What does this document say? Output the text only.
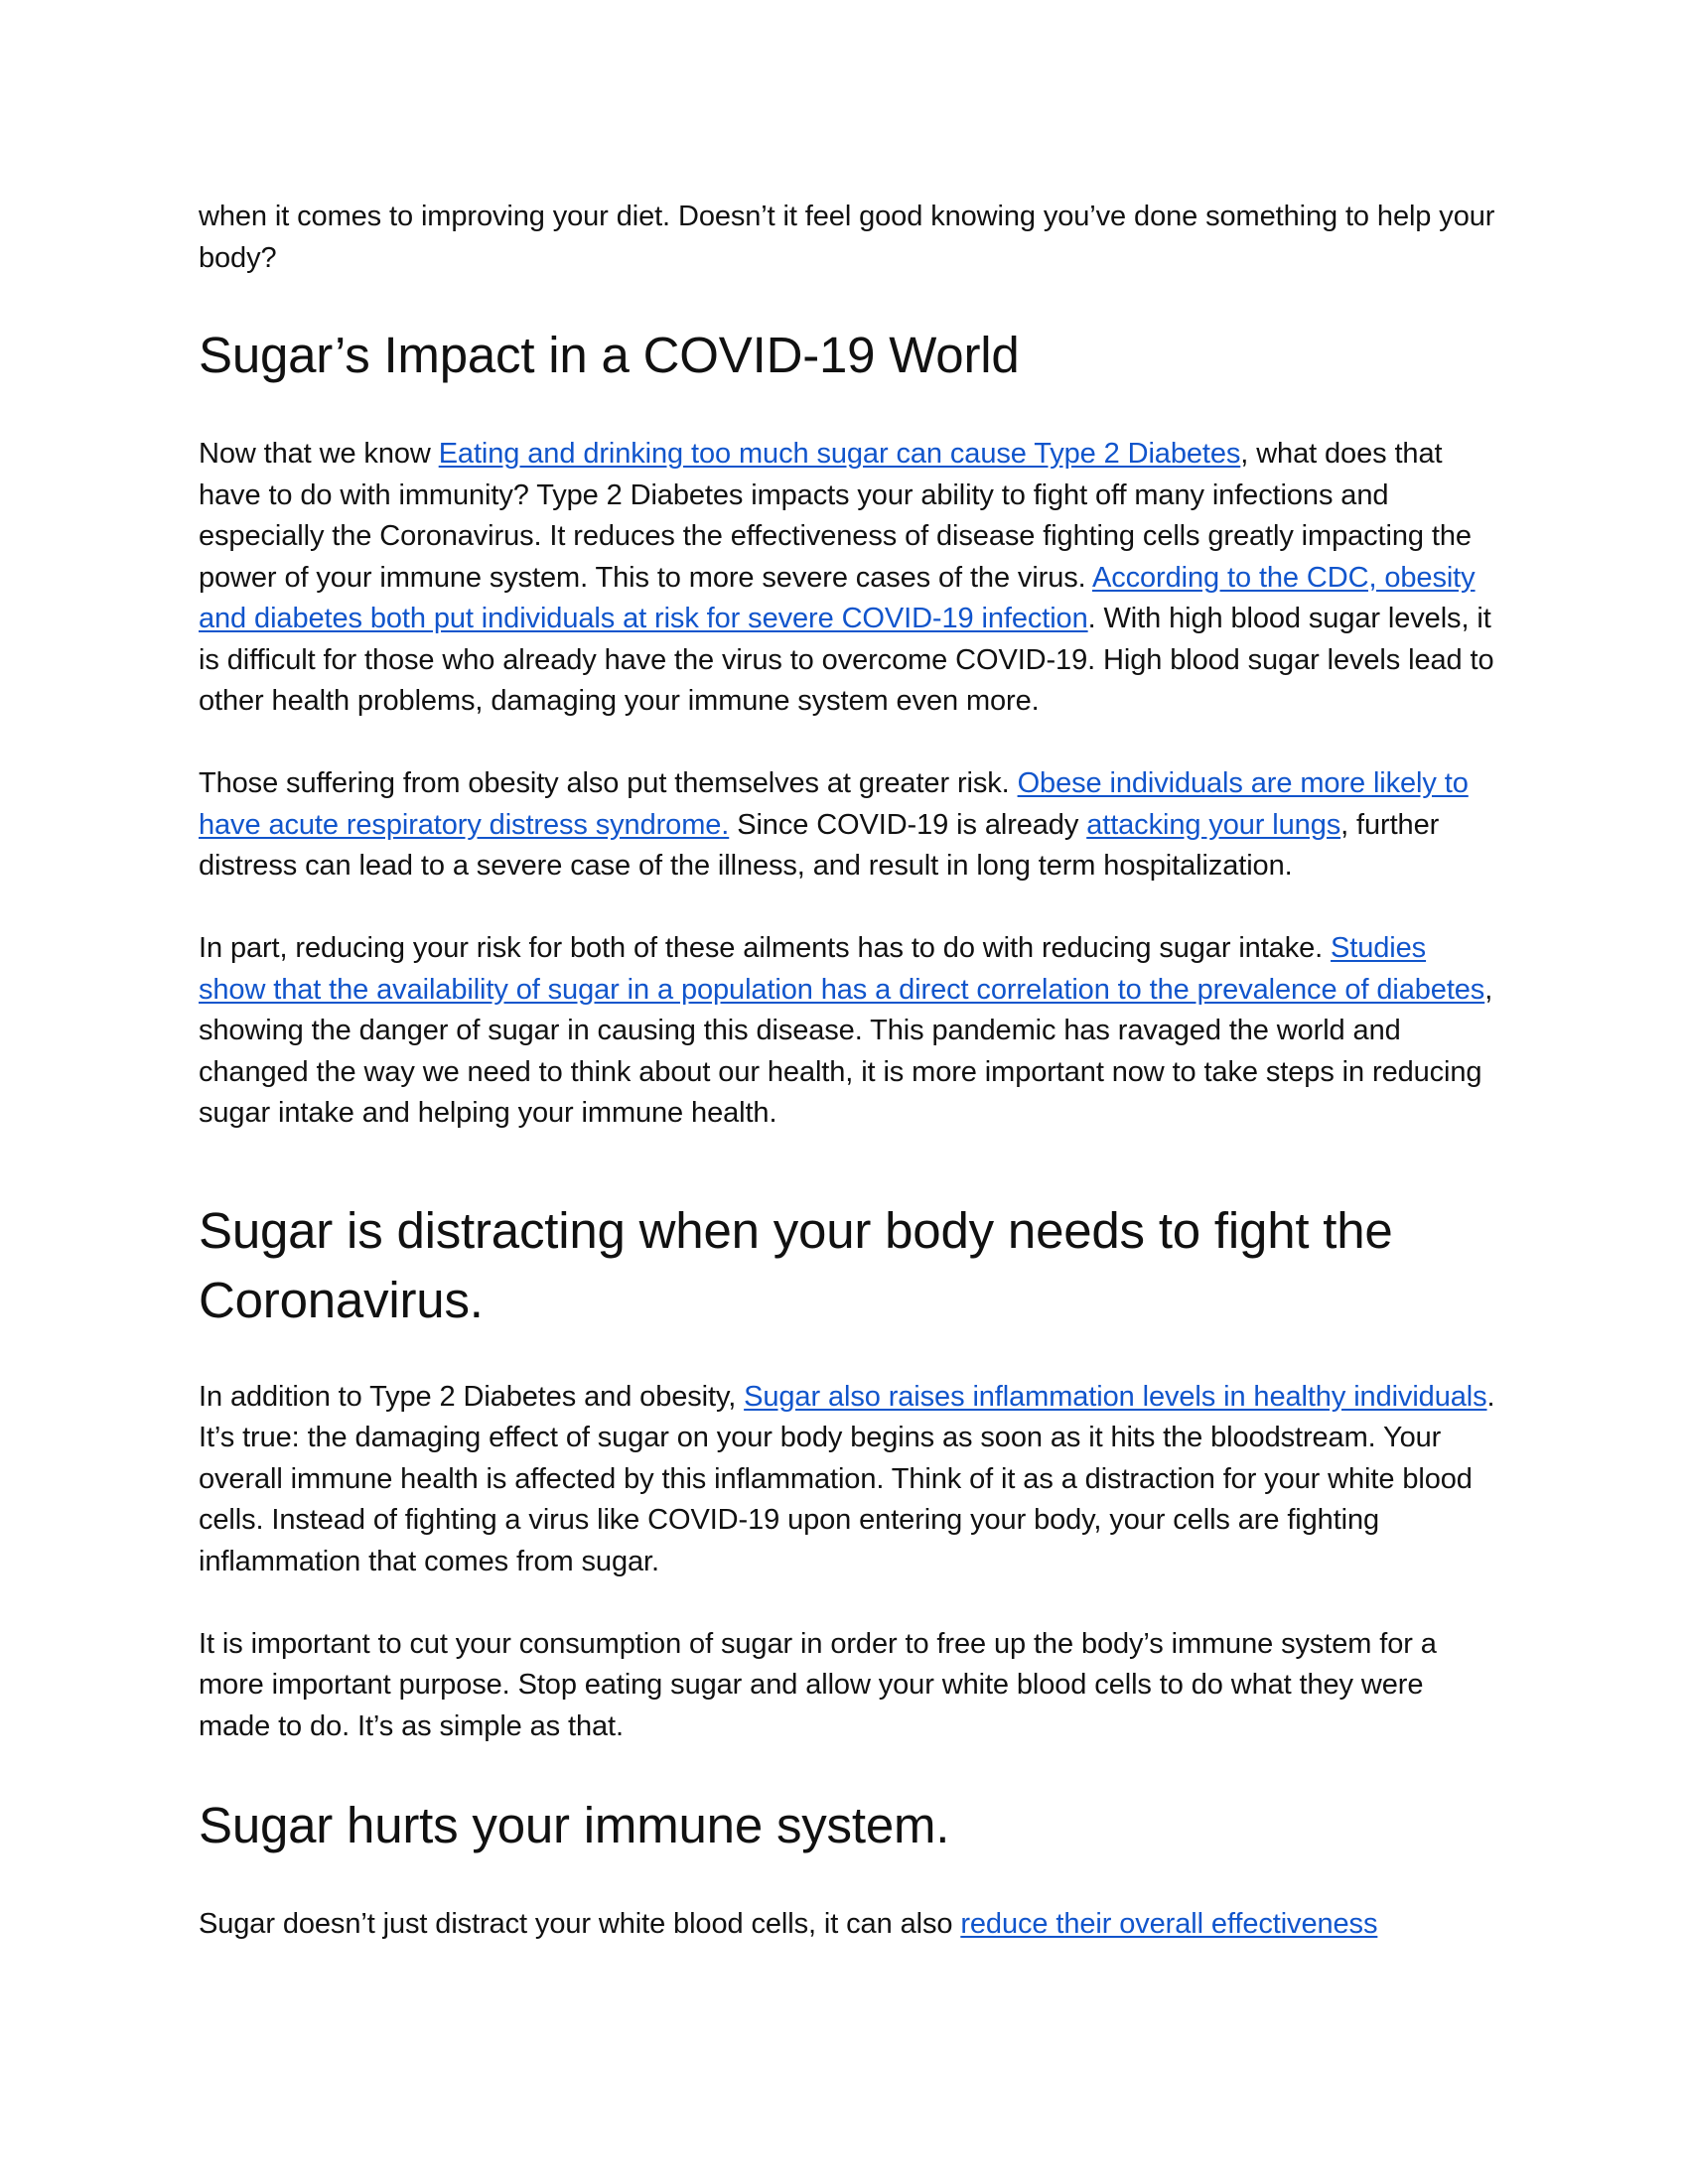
when it comes to improving your diet. Doesn’t it feel good knowing you’ve done something to help your body?

Sugar’s Impact in a COVID-19 World

Now that we know Eating and drinking too much sugar can cause Type 2 Diabetes, what does that have to do with immunity? Type 2 Diabetes impacts your ability to fight off many infections and especially the Coronavirus. It reduces the effectiveness of disease fighting cells greatly impacting the power of your immune system. This to more severe cases of the virus. According to the CDC, obesity and diabetes both put individuals at risk for severe COVID-19 infection. With high blood sugar levels, it is difficult for those who already have the virus to overcome COVID-19. High blood sugar levels lead to other health problems, damaging your immune system even more.

Those suffering from obesity also put themselves at greater risk. Obese individuals are more likely to have acute respiratory distress syndrome. Since COVID-19 is already attacking your lungs, further distress can lead to a severe case of the illness, and result in long term hospitalization.

In part, reducing your risk for both of these ailments has to do with reducing sugar intake. Studies show that the availability of sugar in a population has a direct correlation to the prevalence of diabetes, showing the danger of sugar in causing this disease. This pandemic has ravaged the world and changed the way we need to think about our health, it is more important now to take steps in reducing sugar intake and helping your immune health.

Sugar is distracting when your body needs to fight the Coronavirus.

In addition to Type 2 Diabetes and obesity, Sugar also raises inflammation levels in healthy individuals. It’s true: the damaging effect of sugar on your body begins as soon as it hits the bloodstream. Your overall immune health is affected by this inflammation. Think of it as a distraction for your white blood cells. Instead of fighting a virus like COVID-19 upon entering your body, your cells are fighting inflammation that comes from sugar.

It is important to cut your consumption of sugar in order to free up the body’s immune system for a more important purpose. Stop eating sugar and allow your white blood cells to do what they were made to do. It’s as simple as that.

Sugar hurts your immune system.

Sugar doesn’t just distract your white blood cells, it can also reduce their overall effectiveness
